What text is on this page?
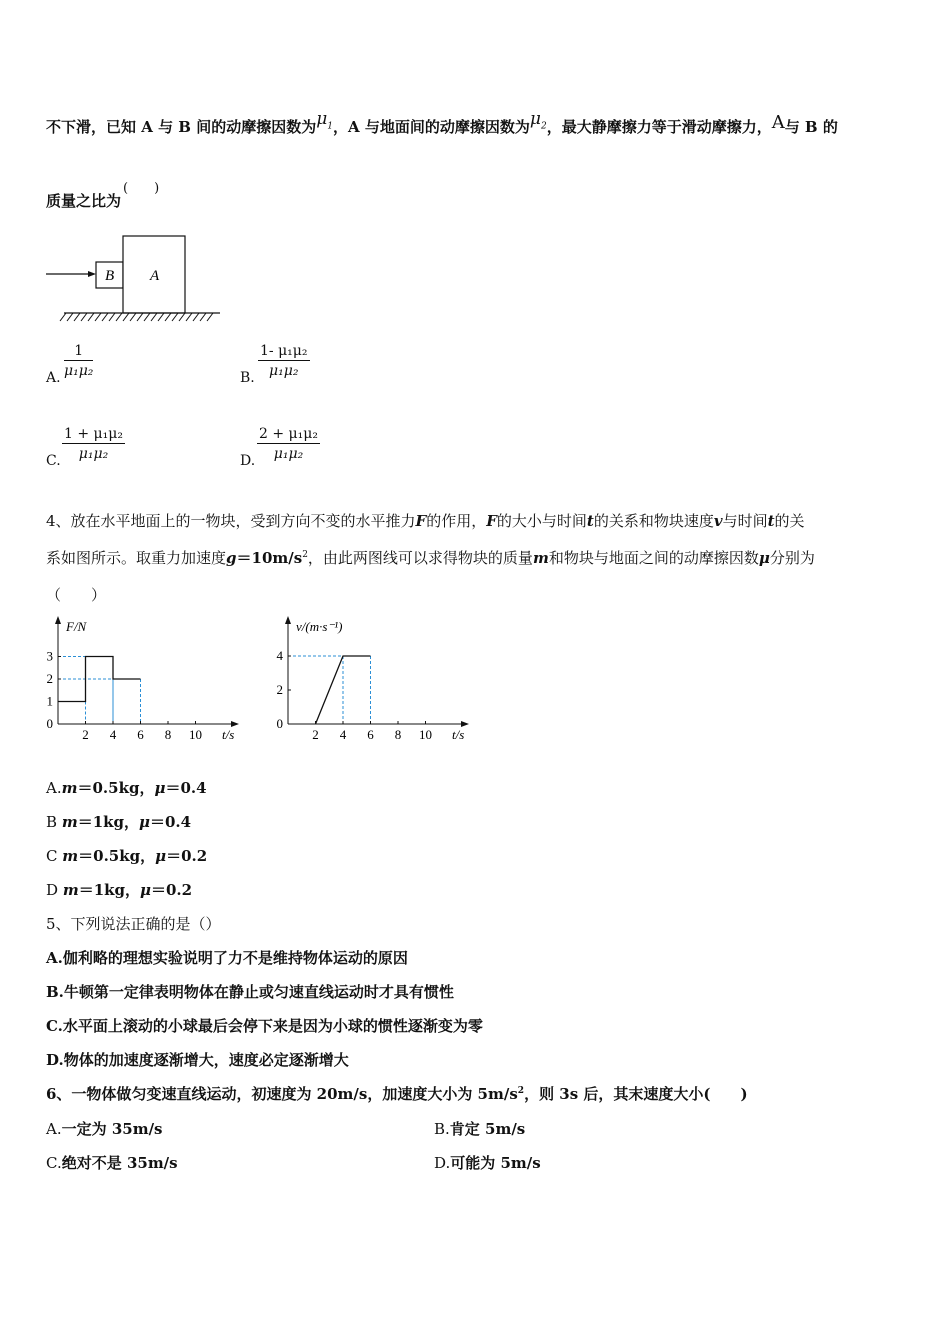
不下滑，已知 A 与 B 间的动摩擦因数为$\mu_1$，A 与地面间的动摩擦因数为$\mu_2$，最大静摩擦力等于滑动摩擦力，A与 B 的
质量之比为(　　)
B A
A. $\frac{1}{\text{μ₁μ₂}}$	B. $\frac{\text{1- μ₁μ₂}}{\text{μ₁μ₂}}$
C. $\frac{\text{1 + μ₁μ₂}}{\text{μ₁μ₂}}$	D. $\frac{\text{2 + μ₁μ₂}}{\text{μ₁μ₂}}$
4、放在水平地面上的一物块，受到方向不变的水平推力F的作用，F的大小与时间t的关系和物块速度v与时间t的关
系如图所示。取重力加速度$g=10m/s^2$，由此两图线可以求得物块的质量m和物块与地面之间的动摩擦因数μ分别为
（　　）
2 4 6 8 10
0
1
2
3
t/s
F/N
2 4 6 8 10
0
2
4
t/s
v/(m·s⁻¹)
A.m＝0.5kg，μ＝0.4
B m＝1kg，μ＝0.4
C m＝0.5kg，μ＝0.2
D m＝1kg，μ＝0.2
5、下列说法正确的是（）
A.伽利略的理想实验说明了力不是维持物体运动的原因
B.牛顿第一定律表明物体在静止或匀速直线运动时才具有惯性
C.水平面上滚动的小球最后会停下来是因为小球的惯性逐渐变为零
D.物体的加速度逐渐增大，速度必定逐渐增大
6、一物体做匀变速直线运动，初速度为 20m/s，加速度大小为 $5m/s^2$，则 3s 后，其末速度大小(　　)
A.一定为 35m/s	B.肯定 5m/s
C.绝对不是 35m/s	D.可能为 5m/s
